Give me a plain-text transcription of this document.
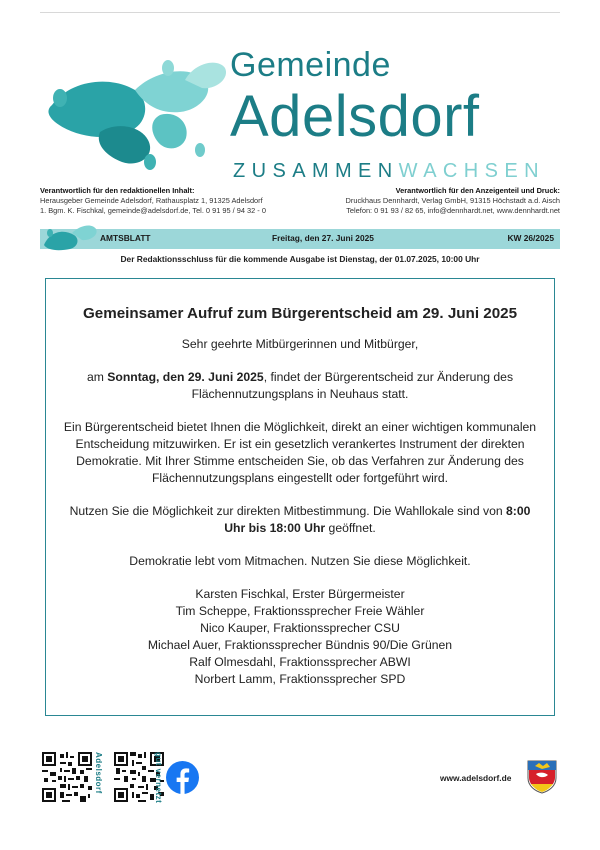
Gemeinde
Adelsdorf
ZUSAMMENWACHSEN
Verantwortlich für den redaktionellen Inhalt:
Herausgeber Gemeinde Adelsdorf, Rathausplatz 1, 91325 Adelsdorf
1. Bgm. K. Fischkal, gemeinde@adelsdorf.de, Tel. 0 91 95 / 94 32 - 0
Verantwortlich für den Anzeigenteil und Druck:
Druckhaus Dennhardt, Verlag GmbH, 91315 Höchstadt a.d. Aisch
Telefon: 0 91 93 / 82 65, info@dennhardt.net, www.dennhardt.net
AMTSBLATT	Freitag, den 27. Juni 2025	KW 26/2025
Der Redaktionsschluss für die kommende Ausgabe ist Dienstag, der 01.07.2025, 10:00 Uhr
Gemeinsamer Aufruf zum Bürgerentscheid am 29. Juni 2025
Sehr geehrte Mitbürgerinnen und Mitbürger,
am Sonntag, den 29. Juni 2025, findet der Bürgerentscheid zur Änderung des Flächennutzungsplans in Neuhaus statt.
Ein Bürgerentscheid bietet Ihnen die Möglichkeit, direkt an einer wichtigen kommunalen Entscheidung mitzuwirken. Er ist ein gesetzlich verankertes Instrument der direkten Demokratie. Mit Ihrer Stimme entscheiden Sie, ob das Verfahren zur Änderung des Flächennutzungsplans eingestellt oder fortgeführt wird.
Nutzen Sie die Möglichkeit zur direkten Mitbestimmung. Die Wahllokale sind von 8:00 Uhr bis 18:00 Uhr geöffnet.
Demokratie lebt vom Mitmachen. Nutzen Sie diese Möglichkeit.
Karsten Fischkal, Erster Bürgermeister
Tim Scheppe, Fraktionssprecher Freie Wähler
Nico Kauper, Fraktionssprecher CSU
Michael Auer, Fraktionssprecher Bündnis 90/Die Grünen
Ralf Olmesdahl, Fraktionssprecher ABWI
Norbert Lamm, Fraktionssprecher SPD
Adelsdorf	gut vernetzt	www.adelsdorf.de
